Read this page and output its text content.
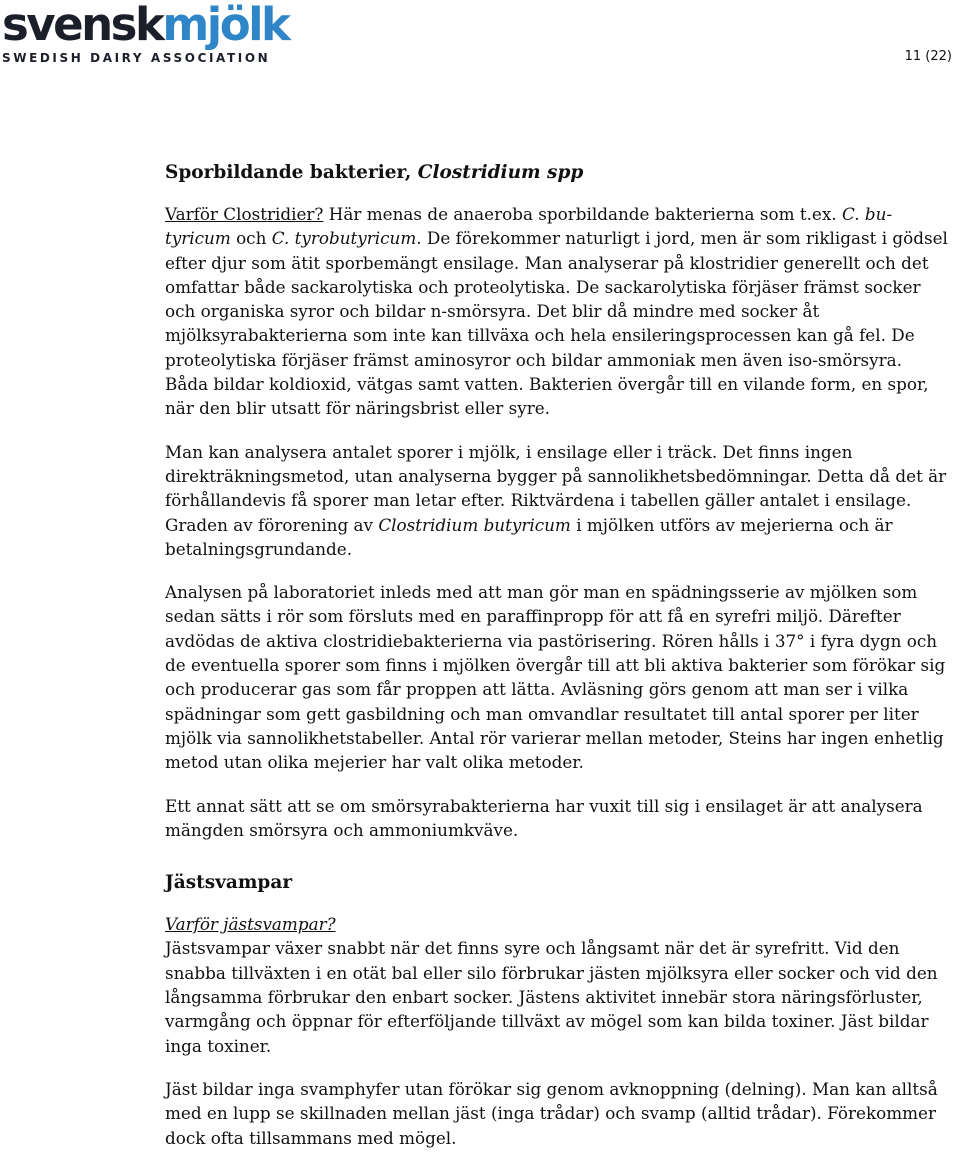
svenskmjölk
SWEDISH DAIRY ASSOCIATION	11 (22)
Sporbildande bakterier, Clostridium spp

Varför Clostridier? Här menas de anaeroba sporbildande bakterierna som t.ex. C. bu-
tyricum och C. tyrobutyricum. De förekommer naturligt i jord, men är som rikligast i gödsel efter djur som ätit sporbemängt ensilage. Man analyserar på klostridier generellt och det omfattar både sackarolytiska och proteolytiska. De sackarolytiska förjäser främst socker och organiska syror och bildar n-smörsyra. Det blir då mindre med socker åt mjölksyrabakterierna som inte kan tillväxa och hela ensileringsprocessen kan gå fel. De proteolytiska förjäser främst aminosyror och bildar ammoniak men även iso-smörsyra. Båda bildar koldioxid, vätgas samt vatten. Bakterien övergår till en vilande form, en spor, när den blir utsatt för näringsbrist eller syre.

Man kan analysera antalet sporer i mjölk, i ensilage eller i träck. Det finns ingen direkträkningsmetod, utan analyserna bygger på sannolikhetsbedömningar. Detta då det är förhållandevis få sporer man letar efter. Riktvärdena i tabellen gäller antalet i ensilage. Graden av förorening av Clostridium butyricum i mjölken utförs av mejerierna och är betalningsgrundande.

Analysen på laboratoriet inleds med att man gör man en spädningsserie av mjölken som sedan sätts i rör som försluts med en paraffinpropp för att få en syrefri miljö. Därefter avdödas de aktiva clostridiebakterierna via pastörisering. Rören hålls i 37° i fyra dygn och de eventuella sporer som finns i mjölken övergår till att bli aktiva bakterier som förökar sig och producerar gas som får proppen att lätta. Avläsning görs genom att man ser i vilka spädningar som gett gasbildning och man omvandlar resultatet till antal sporer per liter mjölk via sannolikhetstabeller. Antal rör varierar mellan metoder, Steins har ingen enhetlig metod utan olika mejerier har valt olika metoder.

Ett annat sätt att se om smörsyrabakterierna har vuxit till sig i ensilaget är att analysera mängden smörsyra och ammoniumkväve.

Jästsvampar
Varför jästsvampar?

Jästsvampar växer snabbt när det finns syre och långsamt när det är syrefritt. Vid den snabba tillväxten i en otät bal eller silo förbrukar jästen mjölksyra eller socker och vid den långsamma förbrukar den enbart socker. Jästens aktivitet innebär stora näringsförluster, varmgång och öppnar för efterföljande tillväxt av mögel som kan bilda toxiner. Jäst bildar inga toxiner.

Jäst bildar inga svamphyfer utan förökar sig genom avknoppning (delning). Man kan alltså med en lupp se skillnaden mellan jäst (inga trådar) och svamp (alltid trådar). Förekommer dock ofta tillsammans med mögel.
